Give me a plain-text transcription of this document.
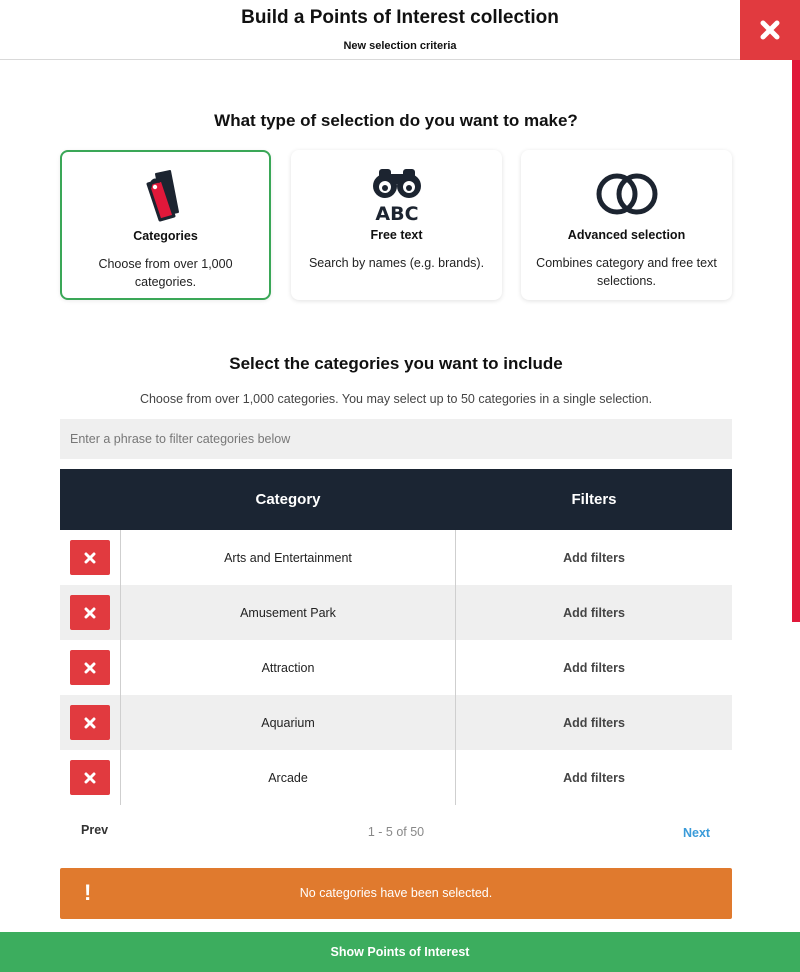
Build a Points of Interest collection
New selection criteria
What type of selection do you want to make?
Categories
Choose from over 1,000 categories.
ABC
Free text
Search by names (e.g. brands).
Advanced selection
Combines category and free text selections.
Select the categories you want to include
Choose from over 1,000 categories. You may select up to 50 categories in a single selection.
Enter a phrase to filter categories below
Category	Filters
Arts and Entertainment	Add filters
Amusement Park	Add filters
Attraction	Add filters
Aquarium	Add filters
Arcade	Add filters
Prev	1 - 5 of 50	Next
!	No categories have been selected.
Show Points of Interest
